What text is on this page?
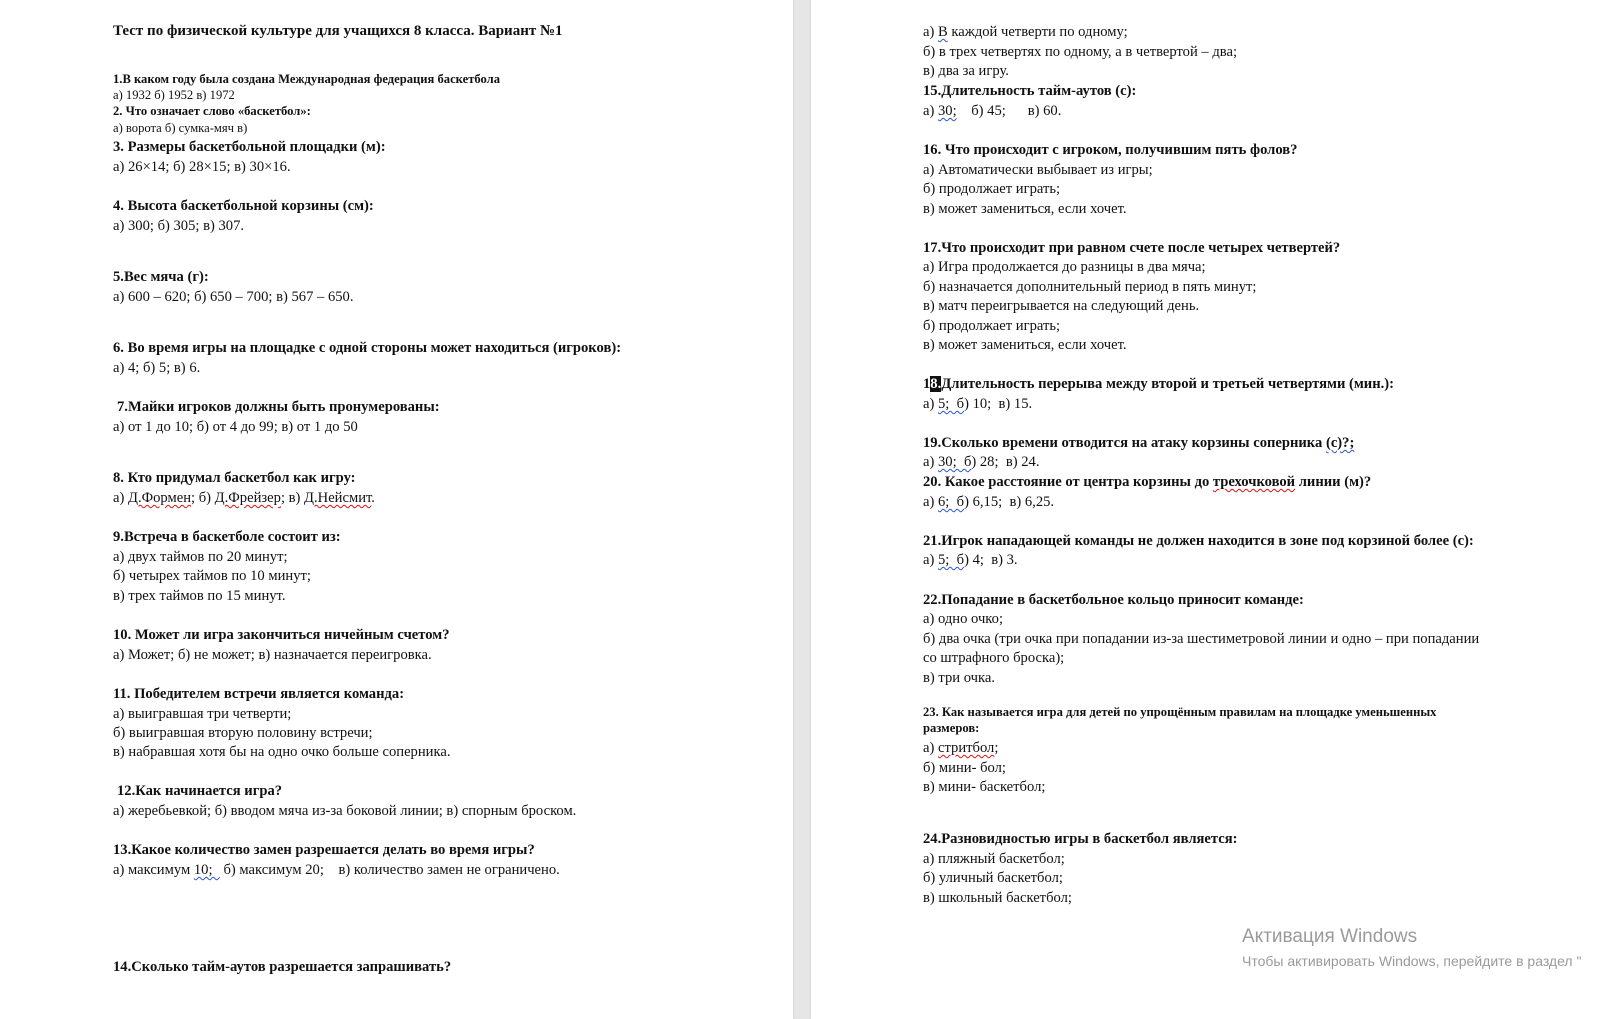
Тест по физической культуре для учащихся 8 класса. Вариант №1
1.В каком году была создана Международная федерация баскетбола
а) 1932 б) 1952 в) 1972
2. Что означает слово «баскетбол»:
а) ворота б) сумка-мяч в)
3. Размеры баскетбольной площадки (м):
а) 26×14; б) 28×15; в) 30×16.
4. Высота баскетбольной корзины (см):
а) 300; б) 305; в) 307.
5.Вес мяча (г):
а) 600 – 620; б) 650 – 700; в) 567 – 650.
6. Во время игры на площадке с одной стороны может находиться (игроков):
а) 4; б) 5; в) 6.
7.Майки игроков должны быть пронумерованы:
а) от 1 до 10; б) от 4 до 99; в) от 1 до 50
8. Кто придумал баскетбол как игру:
а) Д.Формен; б) Д.Фрейзер; в) Д.Нейсмит.
9.Встреча в баскетболе состоит из:
а) двух таймов по 20 минут;
б) четырех таймов по 10 минут;
в) трех таймов по 15 минут.
10. Может ли игра закончиться ничейным счетом?
а) Может; б) не может; в) назначается переигровка.
11. Победителем встречи является команда:
а) выигравшая три четверти;
б) выигравшая вторую половину встречи;
в) набравшая хотя бы на одно очко больше соперника.
12.Как начинается игра?
а) жеребьевкой; б) вводом мяча из-за боковой линии; в) спорным броском.
13.Какое количество замен разрешается делать во время игры?
а) максимум 10;   б) максимум 20;    в) количество замен не ограничено.
14.Сколько тайм-аутов разрешается запрашивать?
а) В каждой четверти по одному;
б) в трех четвертях по одному, а в четвертой – два;
в) два за игру.
15.Длительность тайм-аутов (с):
а) 30;    б) 45;      в) 60.
16. Что происходит с игроком, получившим пять фолов?
а) Автоматически выбывает из игры;
б) продолжает играть;
в) может замениться, если хочет.
17.Что происходит при равном счете после четырех четвертей?
а) Игра продолжается до разницы в два мяча;
б) назначается дополнительный период в пять минут;
в) матч переигрывается на следующий день.
б) продолжает играть;
в) может замениться, если хочет.
18.Длительность перерыва между второй и третьей четвертями (мин.):
а) 5;  б) 10;  в) 15.
19.Сколько времени отводится на атаку корзины соперника (с)?;
а) 30;  б) 28;  в) 24.
20. Какое расстояние от центра корзины до трехочковой линии (м)?
а) 6;  б) 6,15;  в) 6,25.
21.Игрок нападающей команды не должен находится в зоне под корзиной более (с):
а) 5;  б) 4;  в) 3.
22.Попадание в баскетбольное кольцо приносит команде:
а) одно очко;
б) два очка (три очка при попадании из-за шестиметровой линии и одно – при попадании
со штрафного броска);
в) три очка.
23. Как называется игра для детей по упрощённым правилам на площадке уменьшенных
размеров:
а) стритбол;
б) мини- бол;
в) мини- баскетбол;
24.Разновидностью игры в баскетбол является:
а) пляжный баскетбол;
б) уличный баскетбол;
в) школьный баскетбол;
Активация Windows
Чтобы активировать Windows, перейдите в раздел "
